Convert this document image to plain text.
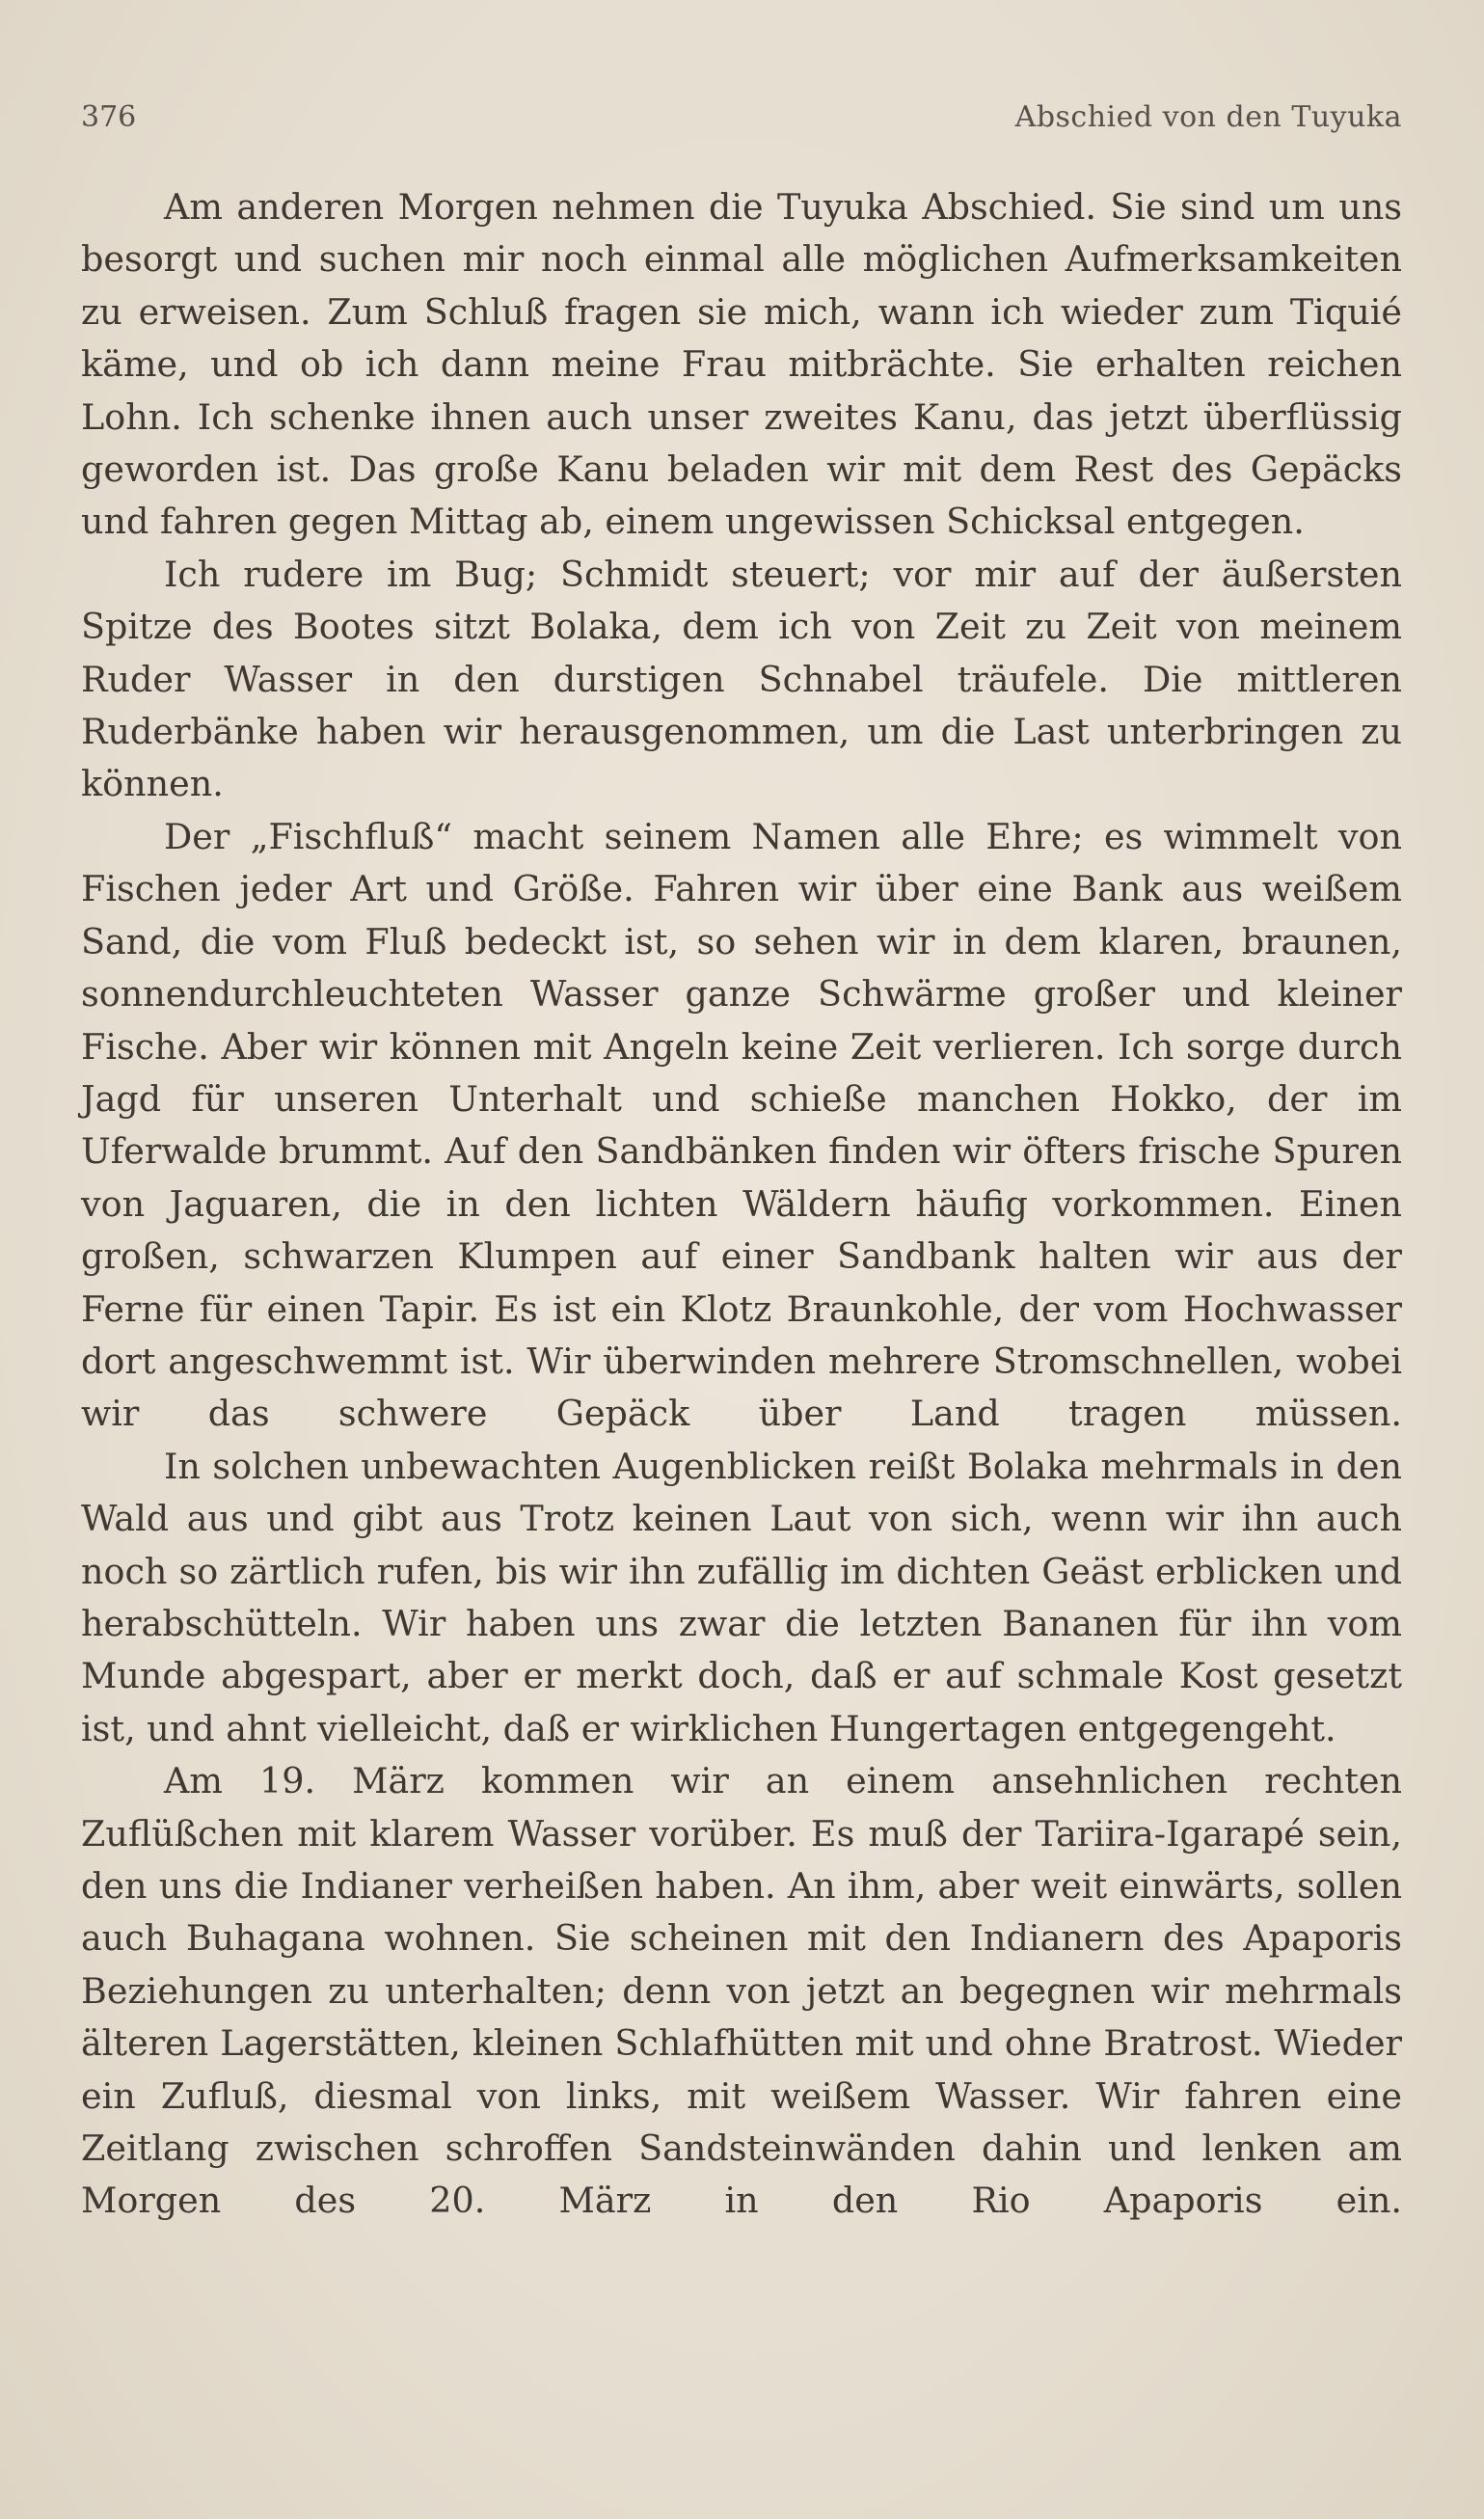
376	Abschied von den Tuyuka

Am anderen Morgen nehmen die Tuyuka Abschied. Sie sind um uns besorgt und suchen mir noch einmal alle möglichen Aufmerksamkeiten zu erweisen. Zum Schluß fragen sie mich, wann ich wieder zum Tiquié käme, und ob ich dann meine Frau mitbrächte. Sie erhalten reichen Lohn. Ich schenke ihnen auch unser zweites Kanu, das jetzt überflüssig geworden ist. Das große Kanu beladen wir mit dem Rest des Gepäcks und fahren gegen Mittag ab, einem ungewissen Schicksal entgegen.

Ich rudere im Bug; Schmidt steuert; vor mir auf der äußersten Spitze des Bootes sitzt Bolaka, dem ich von Zeit zu Zeit von meinem Ruder Wasser in den durstigen Schnabel träufele. Die mittleren Ruderbänke haben wir herausgenommen, um die Last unterbringen zu können.

Der „Fischfluß“ macht seinem Namen alle Ehre; es wimmelt von Fischen jeder Art und Größe. Fahren wir über eine Bank aus weißem Sand, die vom Fluß bedeckt ist, so sehen wir in dem klaren, braunen, sonnendurchleuchteten Wasser ganze Schwärme großer und kleiner Fische. Aber wir können mit Angeln keine Zeit verlieren. Ich sorge durch Jagd für unseren Unterhalt und schieße manchen Hokko, der im Uferwalde brummt. Auf den Sandbänken finden wir öfters frische Spuren von Jaguaren, die in den lichten Wäldern häufig vorkommen. Einen großen, schwarzen Klumpen auf einer Sandbank halten wir aus der Ferne für einen Tapir. Es ist ein Klotz Braunkohle, der vom Hochwasser dort angeschwemmt ist. Wir überwinden mehrere Stromschnellen, wobei wir das schwere Gepäck über Land tragen müssen.

In solchen unbewachten Augenblicken reißt Bolaka mehrmals in den Wald aus und gibt aus Trotz keinen Laut von sich, wenn wir ihn auch noch so zärtlich rufen, bis wir ihn zufällig im dichten Geäst erblicken und herabschütteln. Wir haben uns zwar die letzten Bananen für ihn vom Munde abgespart, aber er merkt doch, daß er auf schmale Kost gesetzt ist, und ahnt vielleicht, daß er wirklichen Hungertagen entgegengeht.

Am 19. März kommen wir an einem ansehnlichen rechten Zuflüßchen mit klarem Wasser vorüber. Es muß der Tariira-Igarapé sein, den uns die Indianer verheißen haben. An ihm, aber weit einwärts, sollen auch Buhagana wohnen. Sie scheinen mit den Indianern des Apaporis Beziehungen zu unterhalten; denn von jetzt an begegnen wir mehrmals älteren Lagerstätten, kleinen Schlafhütten mit und ohne Bratrost. Wieder ein Zufluß, diesmal von links, mit weißem Wasser. Wir fahren eine Zeitlang zwischen schroffen Sandsteinwänden dahin und lenken am Morgen des 20. März in den Rio Apaporis ein.
